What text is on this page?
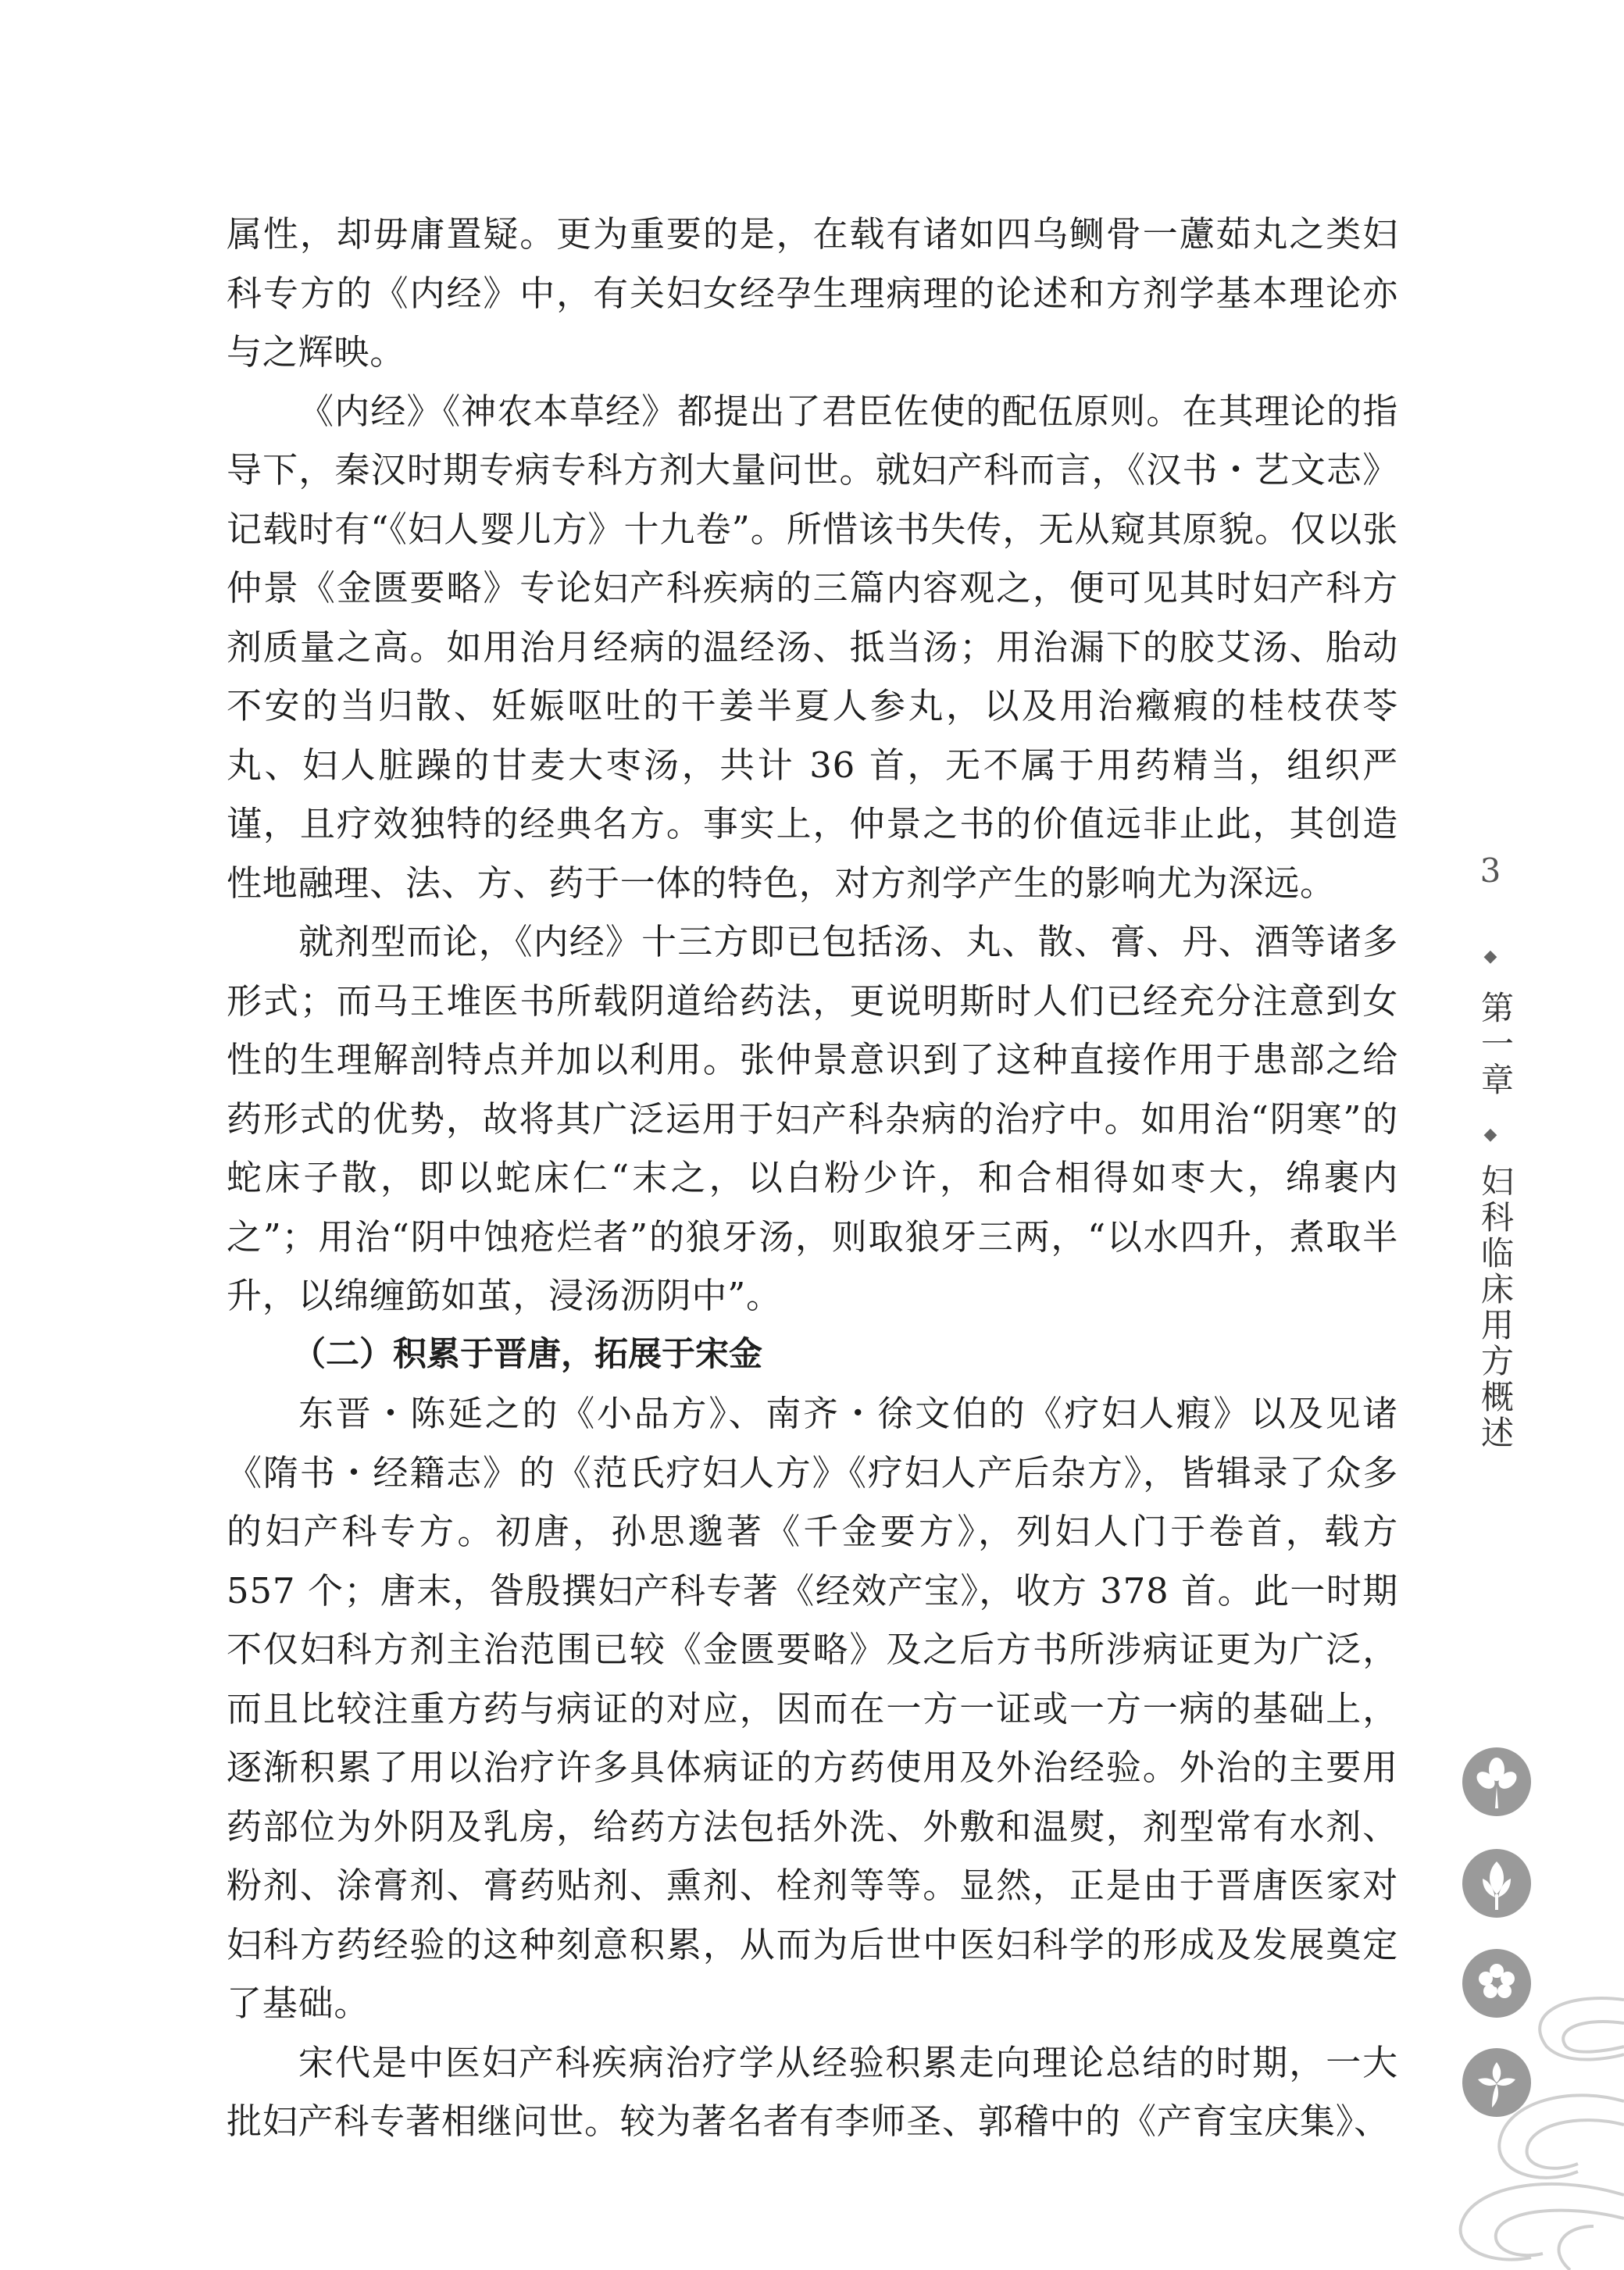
属性，却毋庸置疑。更为重要的是，在载有诸如四乌鲗骨一藘茹丸之类妇科专方的《内经》中，有关妇女经孕生理病理的论述和方剂学基本理论亦与之辉映。

《内经》《神农本草经》都提出了君臣佐使的配伍原则。在其理论的指导下，秦汉时期专病专科方剂大量问世。就妇产科而言，《汉书・艺文志》记载时有“《妇人婴儿方》十九卷”。所惜该书失传，无从窥其原貌。仅以张仲景《金匮要略》专论妇产科疾病的三篇内容观之，便可见其时妇产科方剂质量之高。如用治月经病的温经汤、抵当汤；用治漏下的胶艾汤、胎动不安的当归散、妊娠呕吐的干姜半夏人参丸，以及用治癥瘕的桂枝茯苓丸、妇人脏躁的甘麦大枣汤，共计 36 首，无不属于用药精当，组织严谨，且疗效独特的经典名方。事实上，仲景之书的价值远非止此，其创造性地融理、法、方、药于一体的特色，对方剂学产生的影响尤为深远。

就剂型而论，《内经》十三方即已包括汤、丸、散、膏、丹、酒等诸多形式；而马王堆医书所载阴道给药法，更说明斯时人们已经充分注意到女性的生理解剖特点并加以利用。张仲景意识到了这种直接作用于患部之给药形式的优势，故将其广泛运用于妇产科杂病的治疗中。如用治“阴寒”的蛇床子散，即以蛇床仁“末之，以白粉少许，和合相得如枣大，绵裹内之”；用治“阴中蚀疮烂者”的狼牙汤，则取狼牙三两，“以水四升，煮取半升，以绵缠筯如茧，浸汤沥阴中”。

（二）积累于晋唐，拓展于宋金

东晋・陈延之的《小品方》、南齐・徐文伯的《疗妇人瘕》以及见诸《隋书・经籍志》的《范氏疗妇人方》《疗妇人产后杂方》，皆辑录了众多的妇产科专方。初唐，孙思邈著《千金要方》，列妇人门于卷首，载方 557 个；唐末，昝殷撰妇产科专著《经效产宝》，收方 378 首。此一时期不仅妇科方剂主治范围已较《金匮要略》及之后方书所涉病证更为广泛，而且比较注重方药与病证的对应，因而在一方一证或一方一病的基础上，逐渐积累了用以治疗许多具体病证的方药使用及外治经验。外治的主要用药部位为外阴及乳房，给药方法包括外洗、外敷和温熨，剂型常有水剂、粉剂、涂膏剂、膏药贴剂、熏剂、栓剂等等。显然，正是由于晋唐医家对妇科方药经验的这种刻意积累，从而为后世中医妇科学的形成及发展奠定了基础。

宋代是中医妇产科疾病治疗学从经验积累走向理论总结的时期，一大批妇产科专著相继问世。较为著名者有李师圣、郭稽中的《产育宝庆集》、

3
◆
第一章
◆
妇科临床用方概述
